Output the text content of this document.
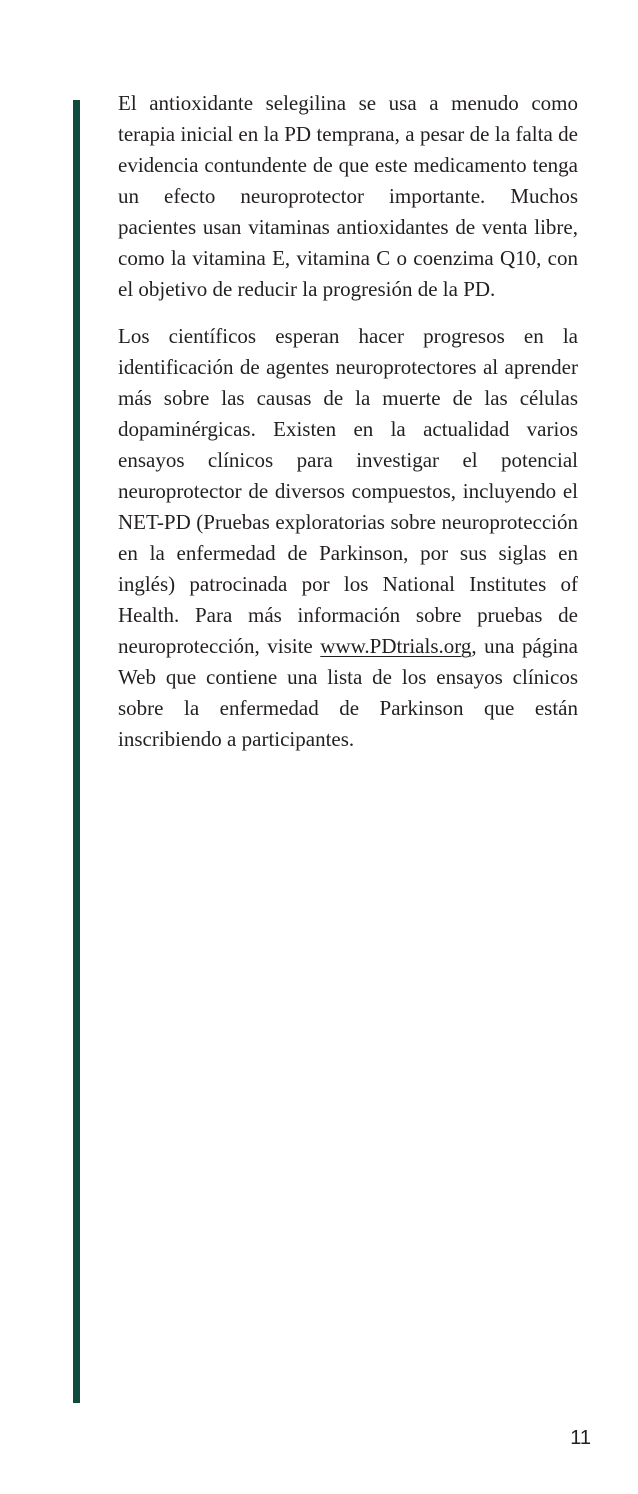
El antioxidante selegilina se usa a menudo como terapia inicial en la PD temprana, a pesar de la falta de evidencia contundente de que este medicamento tenga un efecto neuroprotector importante. Muchos pacientes usan vitaminas antioxidantes de venta libre, como la vitamina E, vitamina C o coenzima Q10, con el objetivo de reducir la progresión de la PD.

Los científicos esperan hacer progresos en la identificación de agentes neuroprotectores al aprender más sobre las causas de la muerte de las células dopaminérgicas. Existen en la actualidad varios ensayos clínicos para investigar el potencial neuroprotector de diversos compuestos, incluyendo el NET-PD (Pruebas exploratorias sobre neuroprotección en la enfermedad de Parkinson, por sus siglas en inglés) patrocinada por los National Institutes of Health. Para más información sobre pruebas de neuroprotección, visite www.PDtrials.org, una página Web que contiene una lista de los ensayos clínicos sobre la enfermedad de Parkinson que están inscribiendo a participantes.

11
